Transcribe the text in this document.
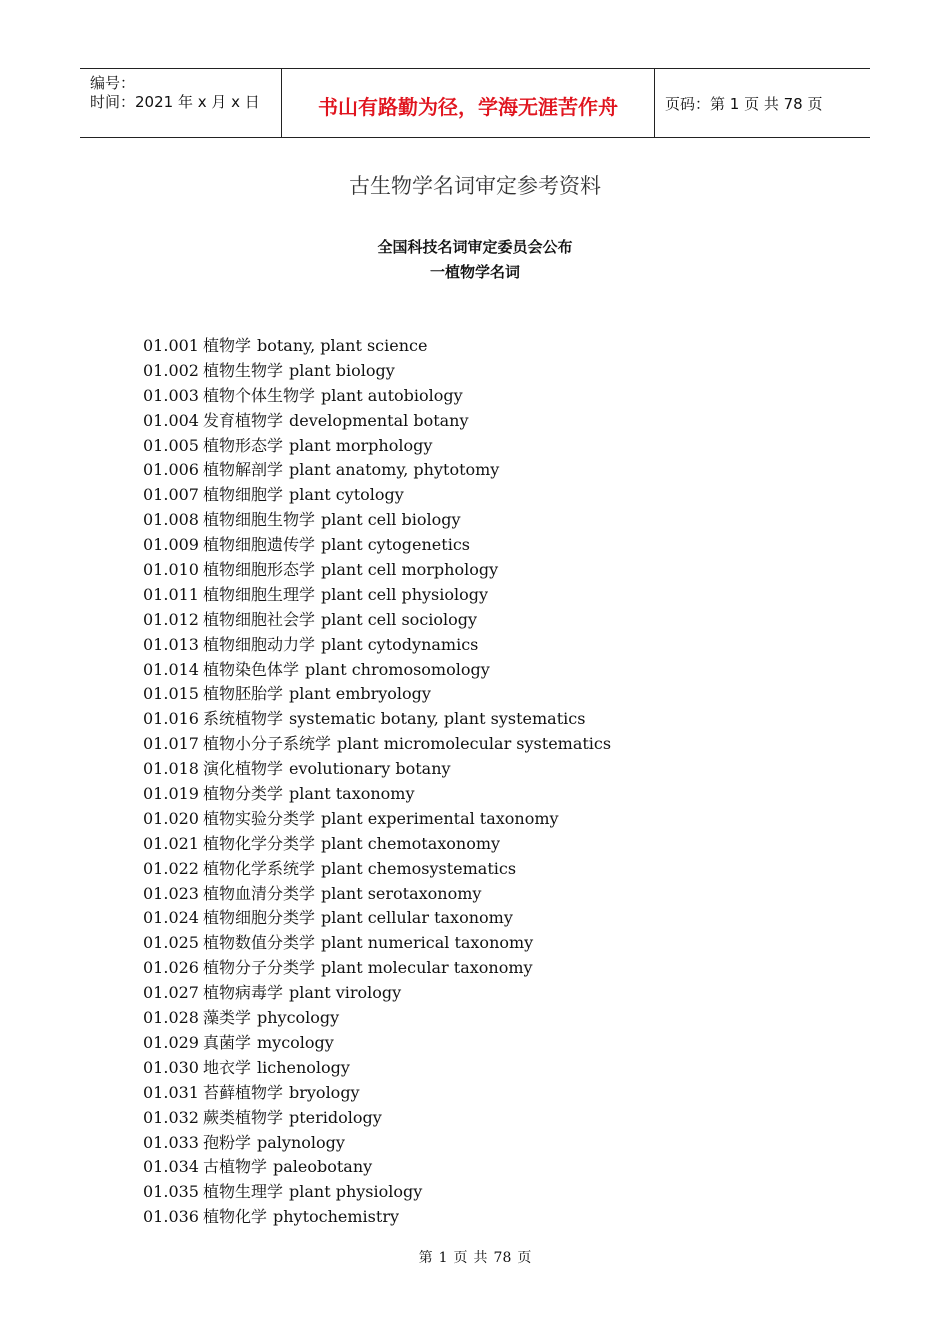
编号：
时间：2021 年 x 月 x 日	书山有路勤为径，学海无涯苦作舟	页码：第 1 页 共 78 页
古生物学名词审定参考资料
全国科技名词审定委员会公布
一植物学名词
01.001 植物学 botany, plant science
01.002 植物生物学 plant biology
01.003 植物个体生物学 plant autobiology
01.004 发育植物学 developmental botany
01.005 植物形态学 plant morphology
01.006 植物解剖学 plant anatomy, phytotomy
01.007 植物细胞学 plant cytology
01.008 植物细胞生物学 plant cell biology
01.009 植物细胞遗传学 plant cytogenetics
01.010 植物细胞形态学 plant cell morphology
01.011 植物细胞生理学 plant cell physiology
01.012 植物细胞社会学 plant cell sociology
01.013 植物细胞动力学 plant cytodynamics
01.014 植物染色体学 plant chromosomology
01.015 植物胚胎学 plant embryology
01.016 系统植物学 systematic botany, plant systematics
01.017 植物小分子系统学 plant micromolecular systematics
01.018 演化植物学 evolutionary botany
01.019 植物分类学 plant taxonomy
01.020 植物实验分类学 plant experimental taxonomy
01.021 植物化学分类学 plant chemotaxonomy
01.022 植物化学系统学 plant chemosystematics
01.023 植物血清分类学 plant serotaxonomy
01.024 植物细胞分类学 plant cellular taxonomy
01.025 植物数值分类学 plant numerical taxonomy
01.026 植物分子分类学 plant molecular taxonomy
01.027 植物病毒学 plant virology
01.028 藻类学 phycology
01.029 真菌学 mycology
01.030 地衣学 lichenology
01.031 苔藓植物学 bryology
01.032 蕨类植物学 pteridology
01.033 孢粉学 palynology
01.034 古植物学 paleobotany
01.035 植物生理学 plant physiology
01.036 植物化学 phytochemistry
第 1 页 共 78 页
